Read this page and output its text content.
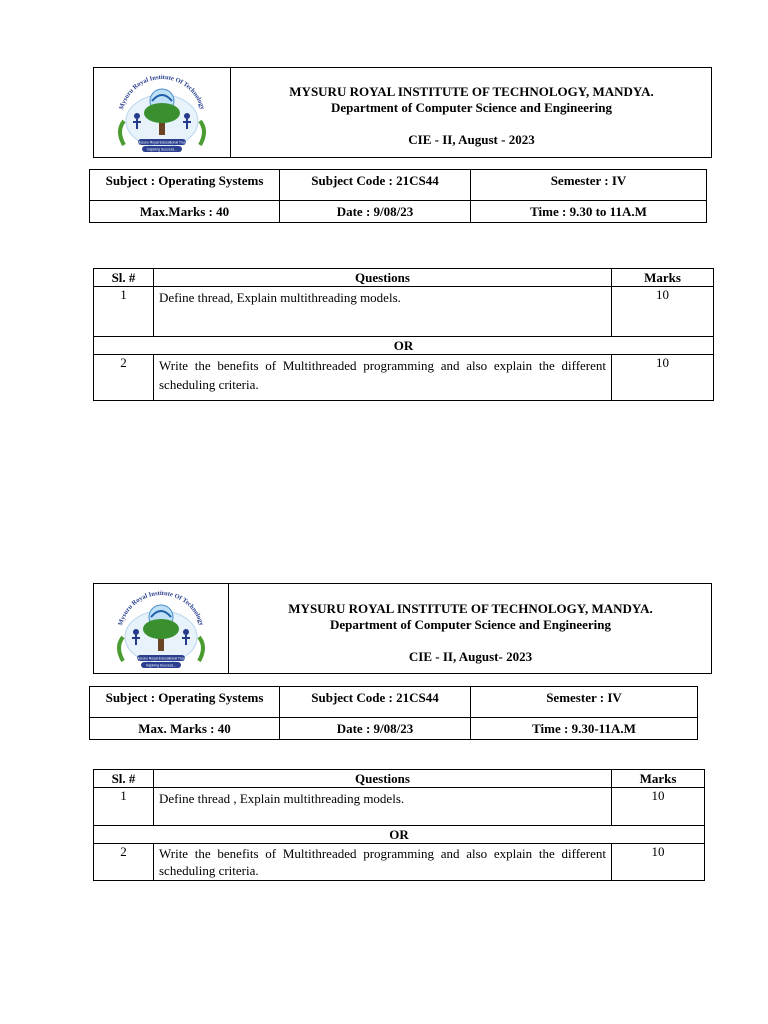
Mysuru Royal Institute Of Technology
Mysuru Royal Educational Trust
Inspiring Success...
MYSURU ROYAL INSTITUTE OF TECHNOLOGY, MANDYA.
Department of Computer Science and Engineering
CIE - II, August - 2023
Subject : Operating Systems	Subject Code : 21CS44	Semester : IV
Max.Marks : 40	Date : 9/08/23	Time : 9.30 to 11A.M
Sl. #	Questions	Marks
1	Define thread, Explain multithreading models.	10
OR		
2	Write the benefits of Multithreaded programming and also explain the different scheduling criteria.	10
Mysuru Royal Institute Of Technology
Mysuru Royal Educational Trust
Inspiring Success...
MYSURU ROYAL INSTITUTE OF TECHNOLOGY, MANDYA.
Department of Computer Science and Engineering
CIE - II, August- 2023
Subject : Operating Systems	Subject Code : 21CS44	Semester : IV
Max. Marks : 40	Date : 9/08/23	Time : 9.30-11A.M
Sl. #	Questions	Marks
1	Define thread , Explain multithreading models.	10
OR		
2	Write the benefits of Multithreaded programming and also explain the different scheduling criteria.	10
